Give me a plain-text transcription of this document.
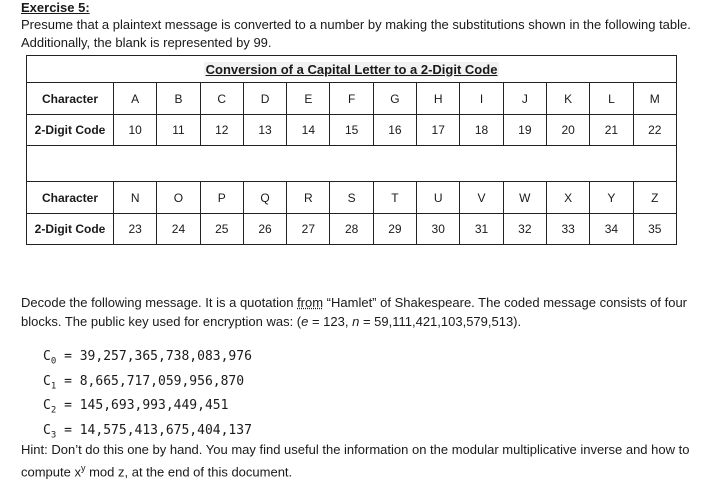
Exercise 5:
Presume that a plaintext message is converted to a number by making the substitutions shown in the following table. Additionally, the blank is represented by 99.
Conversion of a Capital Letter to a 2-Digit Code													
Character	A	B	C	D	E	F	G	H	I	J	K	L	M
2-Digit Code	10	11	12	13	14	15	16	17	18	19	20	21	22

Character	N	O	P	Q	R	S	T	U	V	W	X	Y	Z
2-Digit Code	23	24	25	26	27	28	29	30	31	32	33	34	35
Decode the following message. It is a quotation from “Hamlet” of Shakespeare. The coded message consists of four blocks. The public key used for encryption was: (e = 123, n = 59,111,421,103,579,513).
$C_0 = 39,257,365,738,083,976$
$C_1 = 8,665,717,059,956,870$
$C_2 = 145,693,993,449,451$
$C_3 = 14,575,413,675,404,137$
Hint: Don’t do this one by hand. You may find useful the information on the modular multiplicative inverse and how to compute $x^y$ mod z, at the end of this document.
